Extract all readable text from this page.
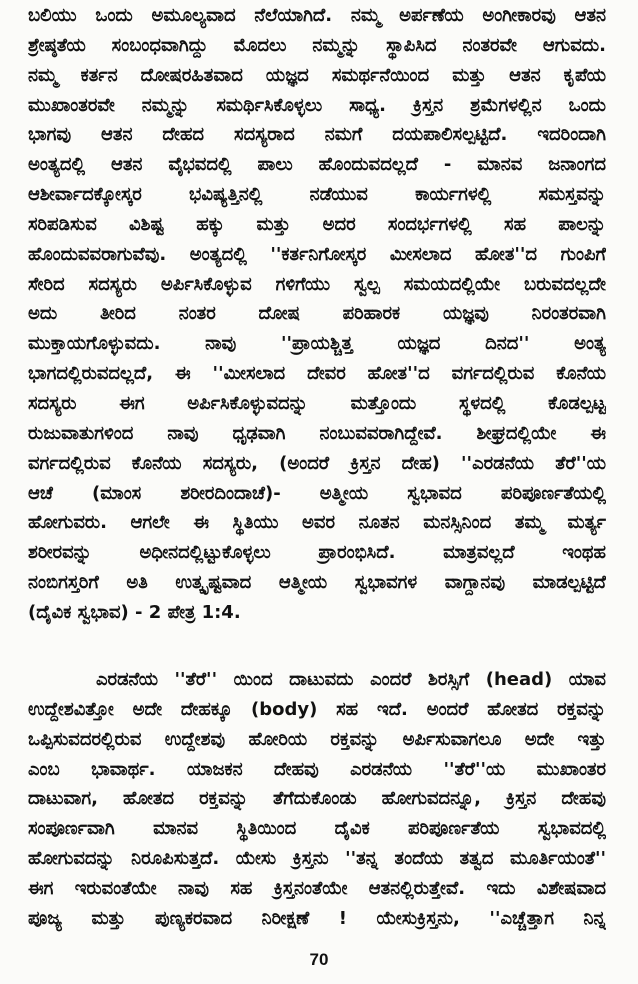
ಬಲಿಯು ಒಂದು ಅಮೂಲ್ಯವಾದ ನೆಲೆಯಾಗಿದೆ. ನಮ್ಮ ಅರ್ಪಣೆಯ ಅಂಗೀಕಾರವು ಆತನ
ಶ್ರೇಷ್ಠತೆಯ ಸಂಬಂಧವಾಗಿದ್ದು ಮೊದಲು ನಮ್ಮನ್ನು ಸ್ಥಾಪಿಸಿದ ನಂತರವೇ ಆಗುವದು.
ನಮ್ಮ ಕರ್ತನ ದೋಷರಹಿತವಾದ ಯಜ್ಞದ ಸಮರ್ಥನೆಯಿಂದ ಮತ್ತು ಆತನ ಕೃಪೆಯ
ಮುಖಾಂತರವೇ ನಮ್ಮನ್ನು ಸಮರ್ಥಿಸಿಕೊಳ್ಳಲು ಸಾಧ್ಯ. ಕ್ರಿಸ್ತನ ಶ್ರಮೆಗಳಲ್ಲಿನ ಒಂದು
ಭಾಗವು ಆತನ ದೇಹದ ಸದಸ್ಯರಾದ ನಮಗೆ ದಯಪಾಲಿಸಲ್ಪಟ್ಟಿದೆ. ಇದರಿಂದಾಗಿ
ಅಂತ್ಯದಲ್ಲಿ ಆತನ ವೈಭವದಲ್ಲಿ ಪಾಲು ಹೊಂದುವದಲ್ಲದೆ - ಮಾನವ ಜನಾಂಗದ
ಆಶೀರ್ವಾದಕ್ಕೋಸ್ಕರ ಭವಿಷ್ಯತ್ತಿನಲ್ಲಿ ನಡೆಯುವ ಕಾರ್ಯಗಳಲ್ಲಿ ಸಮಸ್ತವನ್ನು
ಸರಿಪಡಿಸುವ ವಿಶಿಷ್ಟ ಹಕ್ಕು ಮತ್ತು ಅದರ ಸಂದರ್ಭಗಳಲ್ಲಿ ಸಹ ಪಾಲನ್ನು
ಹೊಂದುವವರಾಗುವೆವು. ಅಂತ್ಯದಲ್ಲಿ ''ಕರ್ತನಿಗೋಸ್ಕರ ಮೀಸಲಾದ ಹೋತ''ದ ಗುಂಪಿಗೆ
ಸೇರಿದ ಸದಸ್ಯರು ಅರ್ಪಿಸಿಕೊಳ್ಳುವ ಗಳಿಗೆಯು ಸ್ವಲ್ಪ ಸಮಯದಲ್ಲಿಯೇ ಬರುವದಲ್ಲದೇ
ಅದು ತೀರಿದ ನಂತರ ದೋಷ ಪರಿಹಾರಕ ಯಜ್ಞವು ನಿರಂತರವಾಗಿ
ಮುಕ್ತಾಯಗೊಳ್ಳುವದು. ನಾವು ''ಪ್ರಾಯಶ್ಚಿತ್ತ ಯಜ್ಞದ ದಿನದ'' ಅಂತ್ಯ
ಭಾಗದಲ್ಲಿರುವದಲ್ಲದೆ, ಈ ''ಮೀಸಲಾದ ದೇವರ ಹೋತ''ದ ವರ್ಗದಲ್ಲಿರುವ ಕೊನೆಯ
ಸದಸ್ಯರು ಈಗ ಅರ್ಪಿಸಿಕೊಳ್ಳುವದನ್ನು ಮತ್ತೊಂದು ಸ್ಥಳದಲ್ಲಿ ಕೊಡಲ್ಪಟ್ಟ
ರುಜುವಾತುಗಳಿಂದ ನಾವು ಧೃಢವಾಗಿ ನಂಬುವವರಾಗಿದ್ದೇವೆ. ಶೀಘ್ರದಲ್ಲಿಯೇ ಈ
ವರ್ಗದಲ್ಲಿರುವ ಕೊನೆಯ ಸದಸ್ಯರು, (ಅಂದರೆ ಕ್ರಿಸ್ತನ ದೇಹ) ''ಎರಡನೆಯ ತೆರೆ''ಯ
ಆಚೆ (ಮಾಂಸ ಶರೀರದಿಂದಾಚೆ)- ಅತ್ಮೀಯ ಸ್ವಭಾವದ ಪರಿಪೂರ್ಣತೆಯಲ್ಲಿ
ಹೋಗುವರು. ಆಗಲೇ ಈ ಸ್ಥಿತಿಯು ಅವರ ನೂತನ ಮನಸ್ಸಿನಿಂದ ತಮ್ಮ ಮರ್ತ್ಯ
ಶರೀರವನ್ನು ಅಧೀನದಲ್ಲಿಟ್ಟುಕೊಳ್ಳಲು ಪ್ರಾರಂಭಿಸಿದೆ. ಮಾತ್ರವಲ್ಲದೆ ಇಂಥಹ
ನಂಬಿಗಸ್ತರಿಗೆ ಅತಿ ಉತ್ಕೃಷ್ಟವಾದ ಆತ್ಮೀಯ ಸ್ವಭಾವಗಳ ವಾಗ್ದಾನವು ಮಾಡಲ್ಪಟ್ಟಿದೆ
(ದೈವಿಕ ಸ್ವಭಾವ) - 2 ಪೇತ್ರ 1:4.
ಎರಡನೆಯ ''ತೆರೆ'' ಯಿಂದ ದಾಟುವದು ಎಂದರೆ ಶಿರಸ್ಸಿಗೆ (head) ಯಾವ
ಉದ್ದೇಶವಿತ್ತೋ ಅದೇ ದೇಹಕ್ಕೂ (body) ಸಹ ಇದೆ. ಅಂದರೆ ಹೋತದ ರಕ್ತವನ್ನು
ಒಪ್ಪಿಸುವದರಲ್ಲಿರುವ ಉದ್ದೇಶವು ಹೋರಿಯ ರಕ್ತವನ್ನು ಅರ್ಪಿಸುವಾಗಲೂ ಅದೇ ಇತ್ತು
ಎಂಬ ಭಾವಾರ್ಥ. ಯಾಜಕನ ದೇಹವು ಎರಡನೆಯ ''ತೆರೆ''ಯ ಮುಖಾಂತರ
ದಾಟುವಾಗ, ಹೋತದ ರಕ್ತವನ್ನು ತೆಗೆದುಕೊಂಡು ಹೋಗುವದನ್ನೂ, ಕ್ರಿಸ್ತನ ದೇಹವು
ಸಂಪೂರ್ಣವಾಗಿ ಮಾನವ ಸ್ಥಿತಿಯಿಂದ ದೈವಿಕ ಪರಿಪೂರ್ಣತೆಯ ಸ್ವಭಾವದಲ್ಲಿ
ಹೋಗುವದನ್ನು ನಿರೂಪಿಸುತ್ತದೆ. ಯೇಸು ಕ್ರಿಸ್ತನು ''ತನ್ನ ತಂದೆಯ ತತ್ವದ ಮೂರ್ತಿಯಂತೆ''
ಈಗ ಇರುವಂತೆಯೇ ನಾವು ಸಹ ಕ್ರಿಸ್ತನಂತೆಯೇ ಆತನಲ್ಲಿರುತ್ತೇವೆ. ಇದು ವಿಶೇಷವಾದ
ಪೂಜ್ಯ ಮತ್ತು ಪುಣ್ಯಕರವಾದ ನಿರೀಕ್ಷಣೆ ! ಯೇಸುಕ್ರಿಸ್ತನು, ''ಎಚ್ಚೆತ್ತಾಗ ನಿನ್ನ
70
